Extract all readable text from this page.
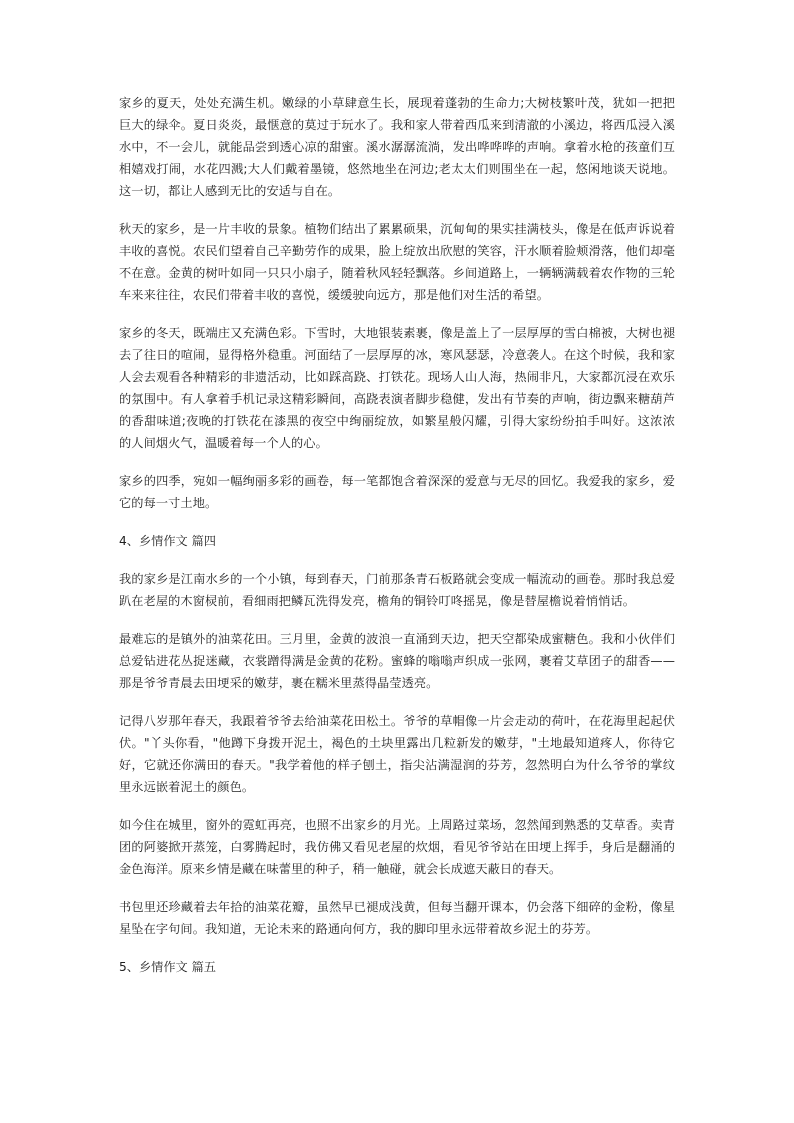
家乡的夏天，处处充满生机。嫩绿的小草肆意生长，展现着蓬勃的生命力;大树枝繁叶茂，犹如一把把巨大的绿伞。夏日炎炎，最惬意的莫过于玩水了。我和家人带着西瓜来到清澈的小溪边，将西瓜浸入溪水中，不一会儿，就能品尝到透心凉的甜蜜。溪水潺潺流淌，发出哗哗哗的声响。拿着水枪的孩童们互相嬉戏打闹，水花四溅;大人们戴着墨镜，悠然地坐在河边;老太太们则围坐在一起，悠闲地谈天说地。这一切，都让人感到无比的安适与自在。

秋天的家乡，是一片丰收的景象。植物们结出了累累硕果，沉甸甸的果实挂满枝头，像是在低声诉说着丰收的喜悦。农民们望着自己辛勤劳作的成果，脸上绽放出欣慰的笑容，汗水顺着脸颊滑落，他们却毫不在意。金黄的树叶如同一只只小扇子，随着秋风轻轻飘落。乡间道路上，一辆辆满载着农作物的三轮车来来往往，农民们带着丰收的喜悦，缓缓驶向远方，那是他们对生活的希望。

家乡的冬天，既端庄又充满色彩。下雪时，大地银装素裹，像是盖上了一层厚厚的雪白棉被，大树也褪去了往日的喧闹，显得格外稳重。河面结了一层厚厚的冰，寒风瑟瑟，冷意袭人。在这个时候，我和家人会去观看各种精彩的非遗活动，比如踩高跷、打铁花。现场人山人海，热闹非凡，大家都沉浸在欢乐的氛围中。有人拿着手机记录这精彩瞬间，高跷表演者脚步稳健，发出有节奏的声响，街边飘来糖葫芦的香甜味道;夜晚的打铁花在漆黑的夜空中绚丽绽放，如繁星般闪耀，引得大家纷纷拍手叫好。这浓浓的人间烟火气，温暖着每一个人的心。

家乡的四季，宛如一幅绚丽多彩的画卷，每一笔都饱含着深深的爱意与无尽的回忆。我爱我的家乡，爱它的每一寸土地。

4、乡情作文 篇四

我的家乡是江南水乡的一个小镇，每到春天，门前那条青石板路就会变成一幅流动的画卷。那时我总爱趴在老屋的木窗棂前，看细雨把鳞瓦洗得发亮，檐角的铜铃叮咚摇晃，像是替屋檐说着悄悄话。

最难忘的是镇外的油菜花田。三月里，金黄的波浪一直涌到天边，把天空都染成蜜糖色。我和小伙伴们总爱钻进花丛捉迷藏，衣裳蹭得满是金黄的花粉。蜜蜂的嗡嗡声织成一张网，裹着艾草团子的甜香——那是爷爷青晨去田埂采的嫩芽，裹在糯米里蒸得晶莹透亮。

记得八岁那年春天，我跟着爷爷去给油菜花田松土。爷爷的草帽像一片会走动的荷叶，在花海里起起伏伏。"丫头你看，"他蹲下身拨开泥土，褐色的土块里露出几粒新发的嫩芽，"土地最知道疼人，你待它好，它就还你满田的春天。"我学着他的样子刨土，指尖沾满湿润的芬芳，忽然明白为什么爷爷的掌纹里永远嵌着泥土的颜色。

如今住在城里，窗外的霓虹再亮，也照不出家乡的月光。上周路过菜场，忽然闻到熟悉的艾草香。卖青团的阿婆掀开蒸笼，白雾腾起时，我仿佛又看见老屋的炊烟，看见爷爷站在田埂上挥手，身后是翻涌的金色海洋。原来乡情是藏在味蕾里的种子，稍一触碰，就会长成遮天蔽日的春天。

书包里还珍藏着去年拾的油菜花瓣，虽然早已褪成浅黄，但每当翻开课本，仍会落下细碎的金粉，像星星坠在字句间。我知道，无论未来的路通向何方，我的脚印里永远带着故乡泥土的芬芳。

5、乡情作文 篇五
